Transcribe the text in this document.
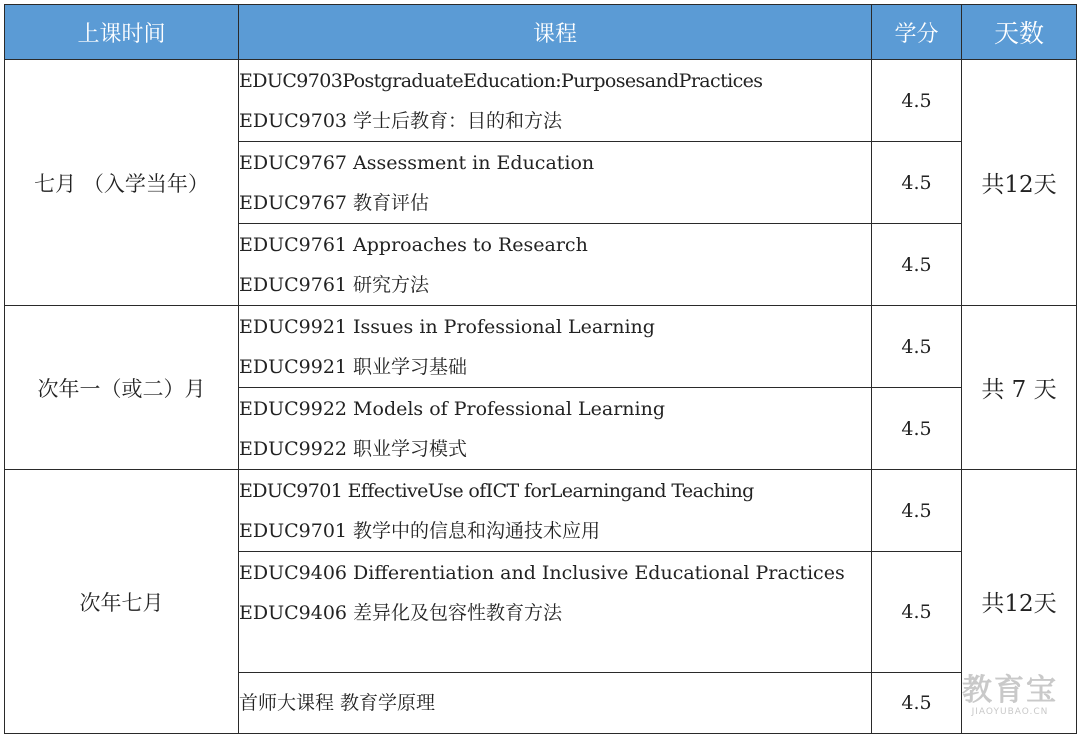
上课时间	课程	学分	天数
七月 （入学当年）	EDUC9703PostgraduateEducation:PurposesandPractices
EDUC9703 学士后教育：目的和方法	4.5	共12天

	EDUC9767 Assessment in Education
EDUC9767 教育评估	4.5	

	EDUC9761 Approaches to Research
EDUC9761 研究方法	4.5	
次年一（或二）月	EDUC9921 Issues in Professional Learning
EDUC9921 职业学习基础	4.5	共 7 天

	EDUC9922 Models of Professional Learning
EDUC9922 职业学习模式	4.5	
次年七月	EDUC9701 EffectiveUse ofICT forLearningand Teaching
EDUC9701 教学中的信息和沟通技术应用	4.5	共12天

	EDUC9406 Differentiation and Inclusive Educational Practices
EDUC9406 差异化及包容性教育方法	4.5	

	首师大课程 教育学原理	4.5	教育宝
JIAOYUBAO.CN
